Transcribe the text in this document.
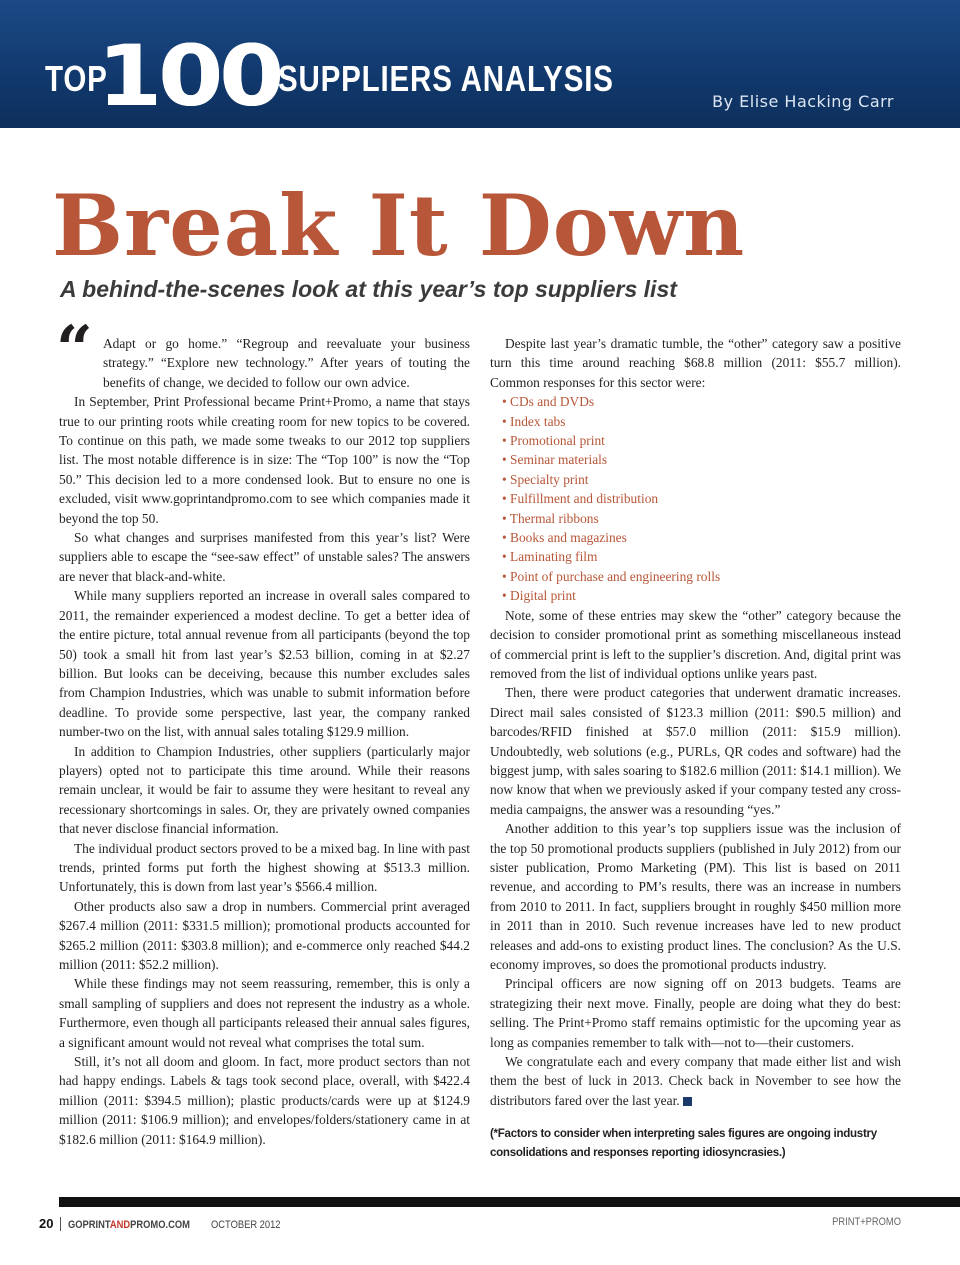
TOP
100
SUPPLIERS ANALYSIS
By Elise Hacking Carr
Break It Down
A behind-the-scenes look at this year’s top suppliers list
“ Adapt or go home.” “Regroup and reevaluate your business strategy.” “Explore new technology.” After years of touting the benefits of change, we decided to follow our own advice.

In September, Print Professional became Print+Promo, a name that stays true to our printing roots while creating room for new topics to be covered. To continue on this path, we made some tweaks to our 2012 top suppliers list. The most notable difference is in size: The “Top 100” is now the “Top 50.” This decision led to a more condensed look. But to ensure no one is excluded, visit www.goprintandpromo.com to see which companies made it beyond the top 50.

So what changes and surprises manifested from this year’s list? Were suppliers able to escape the “see-saw effect” of unstable sales? The answers are never that black-and-white.

While many suppliers reported an increase in overall sales compared to 2011, the remainder experienced a modest decline. To get a better idea of the entire picture, total annual revenue from all participants (beyond the top 50) took a small hit from last year’s $2.53 billion, coming in at $2.27 billion. But looks can be deceiving, because this number excludes sales from Champion Industries, which was unable to submit information before deadline. To provide some perspective, last year, the company ranked number-two on the list, with annual sales totaling $129.9 million.

In addition to Champion Industries, other suppliers (particularly major players) opted not to participate this time around. While their reasons remain unclear, it would be fair to assume they were hesitant to reveal any recessionary shortcomings in sales. Or, they are privately owned companies that never disclose financial information.

The individual product sectors proved to be a mixed bag. In line with past trends, printed forms put forth the highest showing at $513.3 million. Unfortunately, this is down from last year’s $566.4 million.

Other products also saw a drop in numbers. Commercial print averaged $267.4 million (2011: $331.5 million); promotional products accounted for $265.2 million (2011: $303.8 million); and e-commerce only reached $44.2 million (2011: $52.2 million).

While these findings may not seem reassuring, remember, this is only a small sampling of suppliers and does not represent the industry as a whole. Furthermore, even though all participants released their annual sales figures, a significant amount would not reveal what comprises the total sum.

Still, it’s not all doom and gloom. In fact, more product sectors than not had happy endings. Labels & tags took second place, overall, with $422.4 million (2011: $394.5 million); plastic products/cards were up at $124.9 million (2011: $106.9 million); and envelopes/folders/stationery came in at $182.6 million (2011: $164.9 million).

Despite last year’s dramatic tumble, the “other” category saw a positive turn this time around reaching $68.8 million (2011: $55.7 million). Common responses for this sector were:

• CDs and DVDs
• Index tabs
• Promotional print
• Seminar materials
• Specialty print
• Fulfillment and distribution
• Thermal ribbons
• Books and magazines
• Laminating film
• Point of purchase and engineering rolls
• Digital print

Note, some of these entries may skew the “other” category because the decision to consider promotional print as something miscellaneous instead of commercial print is left to the supplier’s discretion. And, digital print was removed from the list of individual options unlike years past.

Then, there were product categories that underwent dramatic increases. Direct mail sales consisted of $123.3 million (2011: $90.5 million) and barcodes/RFID finished at $57.0 million (2011: $15.9 million). Undoubtedly, web solutions (e.g., PURLs, QR codes and software) had the biggest jump, with sales soaring to $182.6 million (2011: $14.1 million). We now know that when we previously asked if your company tested any cross-media campaigns, the answer was a resounding “yes.”

Another addition to this year’s top suppliers issue was the inclusion of the top 50 promotional products suppliers (published in July 2012) from our sister publication, Promo Marketing (PM). This list is based on 2011 revenue, and according to PM’s results, there was an increase in numbers from 2010 to 2011. In fact, suppliers brought in roughly $450 million more in 2011 than in 2010. Such revenue increases have led to new product releases and add-ons to existing product lines. The conclusion? As the U.S. economy improves, so does the promotional products industry.

Principal officers are now signing off on 2013 budgets. Teams are strategizing their next move. Finally, people are doing what they do best: selling. The Print+Promo staff remains optimistic for the upcoming year as long as companies remember to talk with—not to—their customers.

We congratulate each and every company that made either list and wish them the best of luck in 2013. Check back in November to see how the distributors fared over the last year. +

(*Factors to consider when interpreting sales figures are ongoing industry consolidations and responses reporting idiosyncrasies.)
20 GOPRINTANDPROMO.COM OCTOBER 2012	PRINT+PROMO
